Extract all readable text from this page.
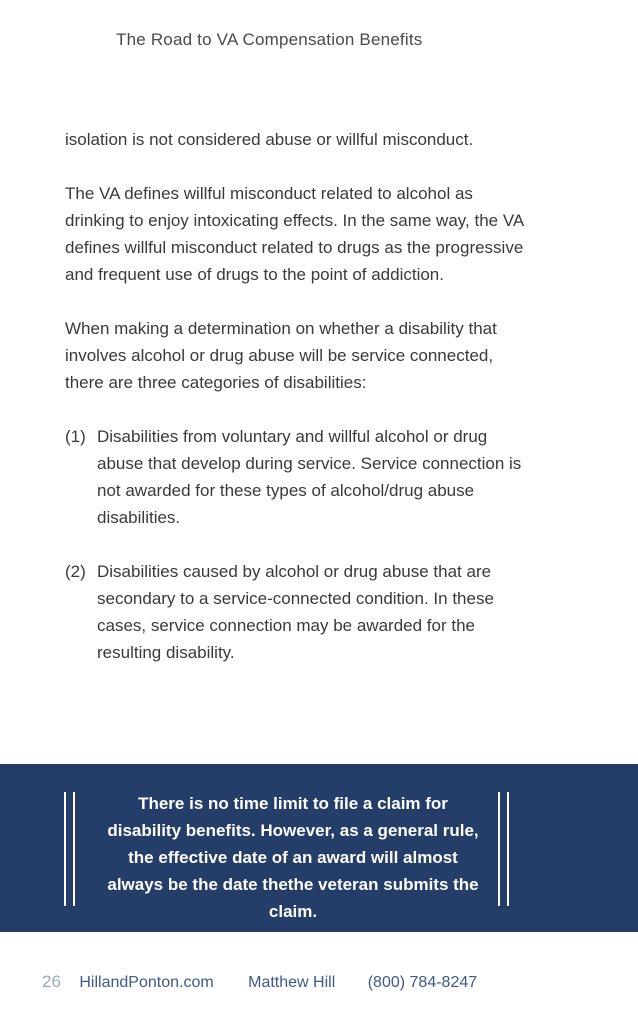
The Road to VA Compensation Benefits

isolation is not considered abuse or willful misconduct.

The VA defines willful misconduct related to alcohol as drinking to enjoy intoxicating effects. In the same way, the VA defines willful misconduct related to drugs as the progressive and frequent use of drugs to the point of addiction.

When making a determination on whether a disability that involves alcohol or drug abuse will be service connected, there are three categories of disabilities:

(1) Disabilities from voluntary and willful alcohol or drug abuse that develop during service. Service connection is not awarded for these types of alcohol/drug abuse disabilities.
(2) Disabilities caused by alcohol or drug abuse that are secondary to a service-connected condition. In these cases, service connection may be awarded for the resulting disability.
There is no time limit to file a claim for disability benefits. However, as a general rule, the effective date of an award will almost always be the date thethe veteran submits the claim.
26 HillandPonton.com Matthew Hill (800) 784-8247
